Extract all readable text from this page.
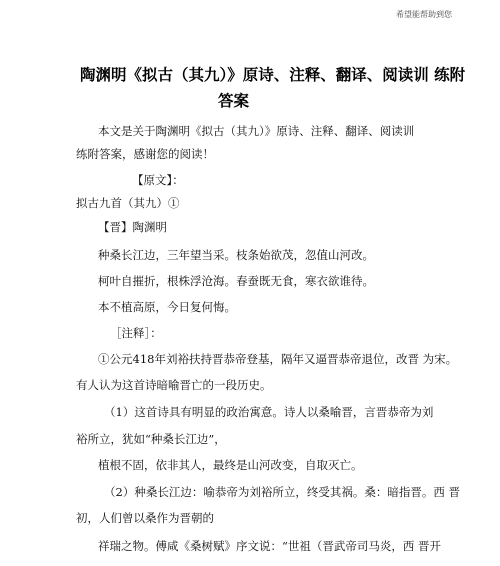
希望能帮助到您
陶渊明《拟古（其九）》原诗、注释、翻译、阅读训 练附
答案
本文是关于陶渊明《拟古（其九）》原诗、注释、翻译、阅读训
练附答案，感谢您的阅读！
【原文】：
拟古九首（其九）①
【晋】陶渊明
种桑长江边，三年望当采。枝条始欲茂，忽值山河改。
柯叶自摧折，根株浮沧海。春蚕既无食，寒衣欲谁待。
本不植高原，今日复何悔。
［注释］：
①公元418年刘裕扶持晋恭帝登基，隔年又逼晋恭帝退位，改晋 为宋。
有人认为这首诗暗喻晋亡的一段历史。
（1）这首诗具有明显的政治寓意。诗人以桑喻晋，言晋恭帝为刘
裕所立，犹如“种桑长江边”，
植根不固，依非其人，最终是山河改变，自取灭亡。
（2）种桑长江边：喻恭帝为刘裕所立，终受其祸。桑：暗指晋。西 晋
初，人们曾以桑作为晋朝的
祥瑞之物。傅咸《桑树赋》序文说：“世祖（晋武帝司马炎，西 晋开
